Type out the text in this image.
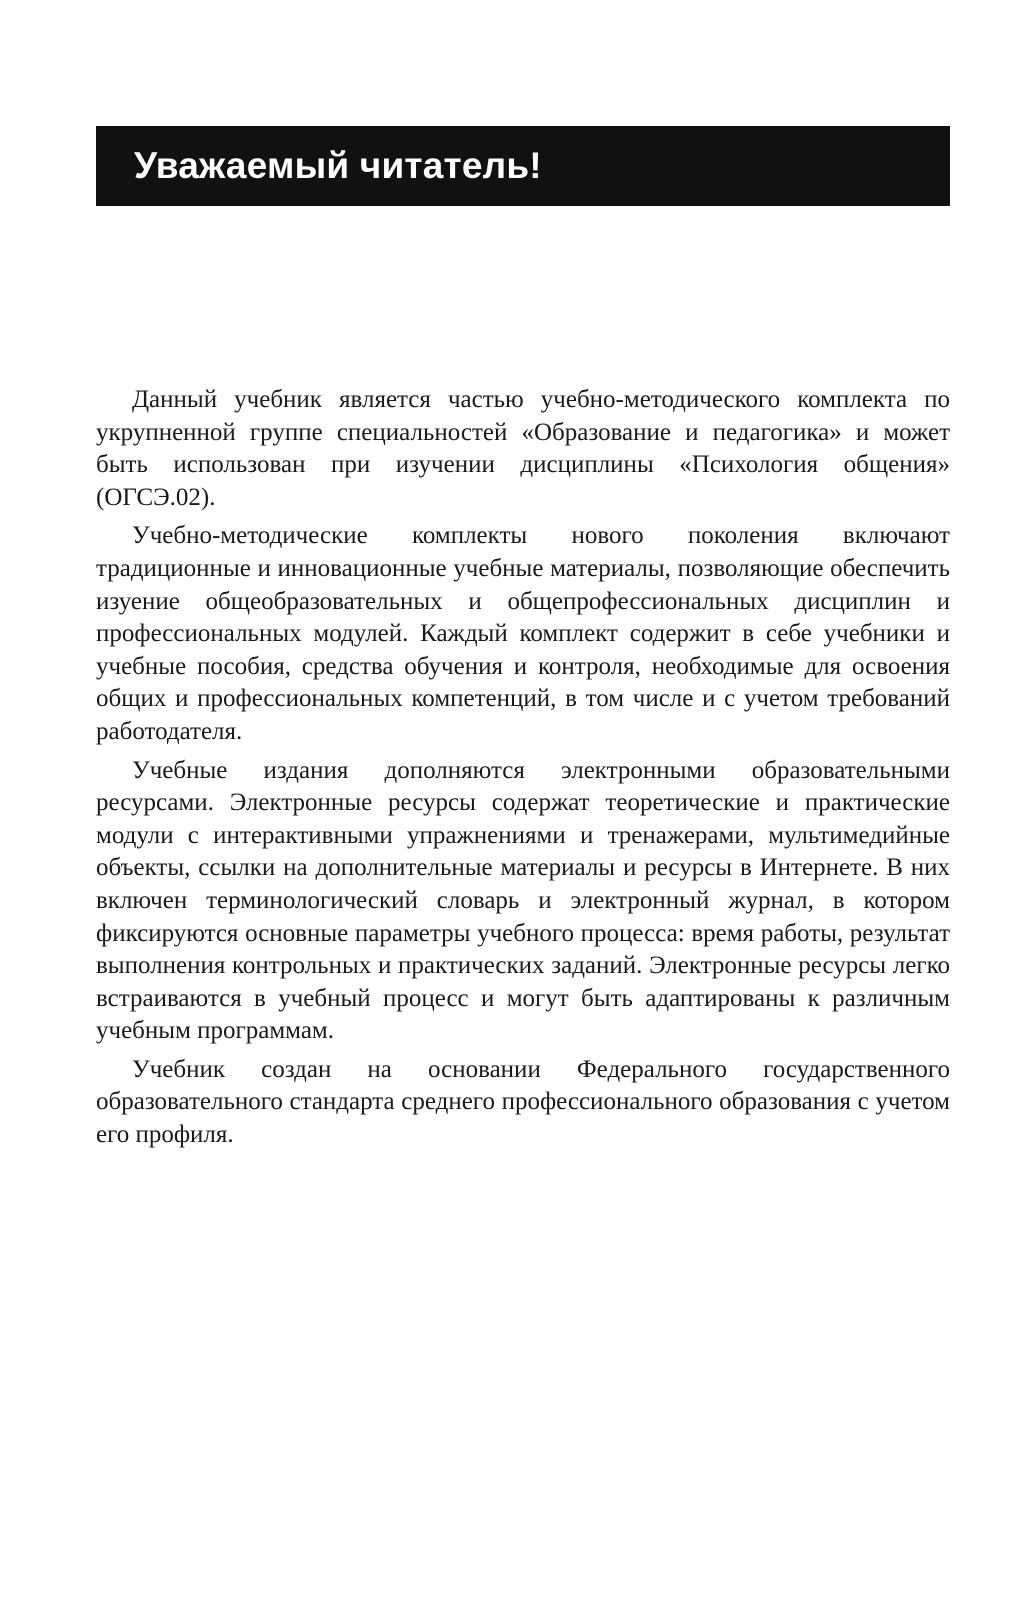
Уважаемый читатель!

Данный учебник является частью учебно-методического комплекта по укрупненной группе специальностей «Образование и педагогика» и может быть использован при изучении дисциплины «Психология общения» (ОГСЭ.02).

Учебно-методические комплекты нового поколения включают традиционные и инновационные учебные материалы, позволяющие обеспечить изуение общеобразовательных и общепрофессиональных дисциплин и профессиональных модулей. Каждый комплект содержит в себе учебники и учебные пособия, средства обучения и контроля, необходимые для освоения общих и профессиональных компетенций, в том числе и с учетом требований работодателя.

Учебные издания дополняются электронными образовательными ресурсами. Электронные ресурсы содержат теоретические и практические модули с интерактивными упражнениями и тренажерами, мультимедийные объекты, ссылки на дополнительные материалы и ресурсы в Интернете. В них включен терминологический словарь и электронный журнал, в котором фиксируются основные параметры учебного процесса: время работы, результат выполнения контрольных и практических заданий. Электронные ресурсы легко встраиваются в учебный процесс и могут быть адаптированы к различным учебным программам.

Учебник создан на основании Федерального государственного образовательного стандарта среднего профессионального образования с учетом его профиля.
